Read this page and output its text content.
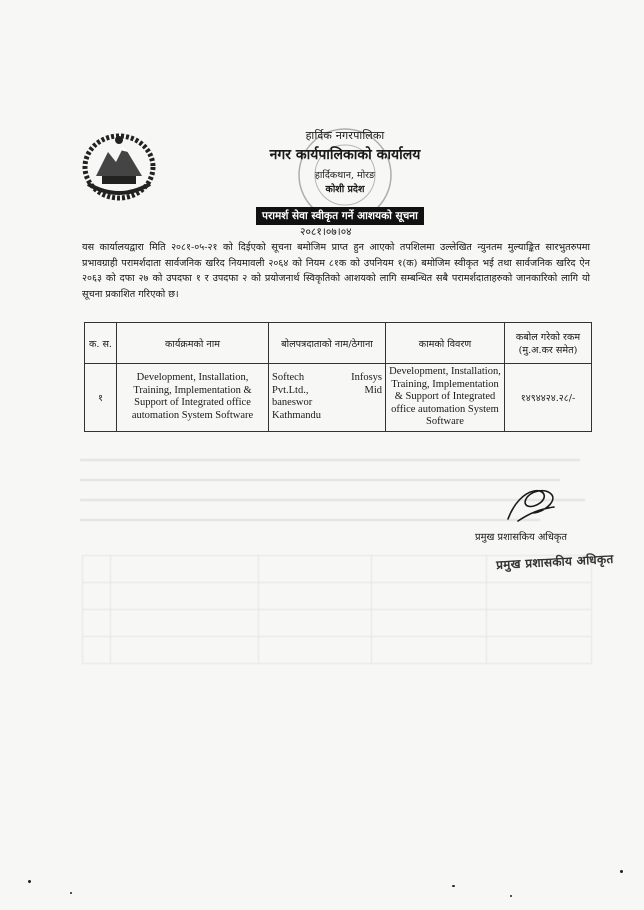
हार्दिक नगरपालिका
नगर कार्यपालिकाको कार्यालय
हार्दिकथान, मोरङ
कोशी प्रदेश
परामर्श सेवा स्वीकृत गर्ने आशयको सूचना
२०८१।०७।०४
यस कार्यालयद्वारा मिति २०८१-०५-२१ को दिईएको सूचना बमोजिम प्राप्त हुन आएको तपशिलमा उल्लेखित न्युनतम मुल्याङ्कित सारभुतरुपमा प्रभावग्राही परामर्शदाता सार्वजनिक खरिद नियमावली २०६४ को नियम ८१क को उपनियम १(क) बमोजिम स्वीकृत भई तथा सार्वजनिक खरिद ऐन २०६३ को दफा २७ को उपदफा १ र उपदफा २ को प्रयोजनार्थ स्विकृतिको आशयको लागि सम्बन्धित सबै परामर्शदाताहरुको जानकारिको लागि यो सूचना प्रकाशित गरिएको छ।
क. स.	कार्यक्रमको नाम	बोलपत्रदाताको नाम/ठेगाना	कामको विवरण	कबोल गरेको रकम (मु.अ.कर समेत)
१	Development, Installation, Training, Implementation & Support of Integrated office automation System Software	Softech Infosys
Pvt.Ltd., Mid
baneswor
Kathmandu	Development, Installation, Training, Implementation & Support of Integrated office automation System Software	१४९४४२४.२८/-
प्रमुख प्रशासकिय अधिकृत
प्रमुख प्रशासकीय अधिकृत
